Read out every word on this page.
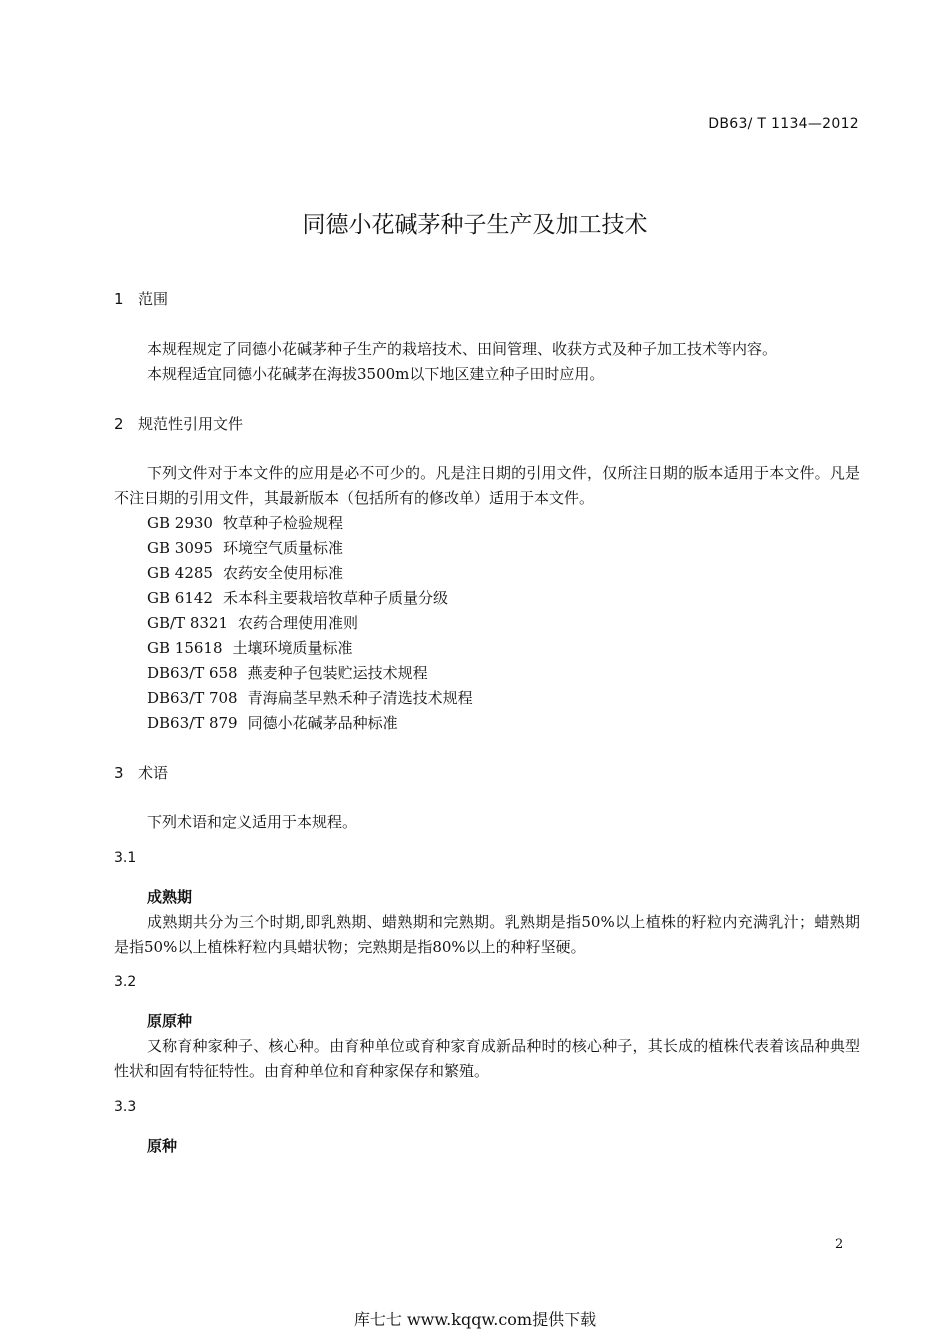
DB63/ T 1134—2012
同德小花碱茅种子生产及加工技术
1 范围
本规程规定了同德小花碱茅种子生产的栽培技术、田间管理、收获方式及种子加工技术等内容。
本规程适宜同德小花碱茅在海拔3500m以下地区建立种子田时应用。
2 规范性引用文件
下列文件对于本文件的应用是必不可少的。凡是注日期的引用文件，仅所注日期的版本适用于本文件。凡是不注日期的引用文件，其最新版本（包括所有的修改单）适用于本文件。
GB 2930 牧草种子检验规程
GB 3095 环境空气质量标准
GB 4285 农药安全使用标准
GB 6142 禾本科主要栽培牧草种子质量分级
GB/T 8321 农药合理使用准则
GB 15618 土壤环境质量标准
DB63/T 658 燕麦种子包装贮运技术规程
DB63/T 708 青海扁茎早熟禾种子清选技术规程
DB63/T 879 同德小花碱茅品种标准
3 术语
下列术语和定义适用于本规程。
3.1
成熟期
成熟期共分为三个时期,即乳熟期、蜡熟期和完熟期。乳熟期是指50%以上植株的籽粒内充满乳汁；蜡熟期是指50%以上植株籽粒内具蜡状物；完熟期是指80%以上的种籽坚硬。
3.2
原原种
又称育种家种子、核心种。由育种单位或育种家育成新品种时的核心种子，其长成的植株代表着该品种典型性状和固有特征特性。由育种单位和育种家保存和繁殖。
3.3
原种
2
库七七 www.kqqw.com提供下载
